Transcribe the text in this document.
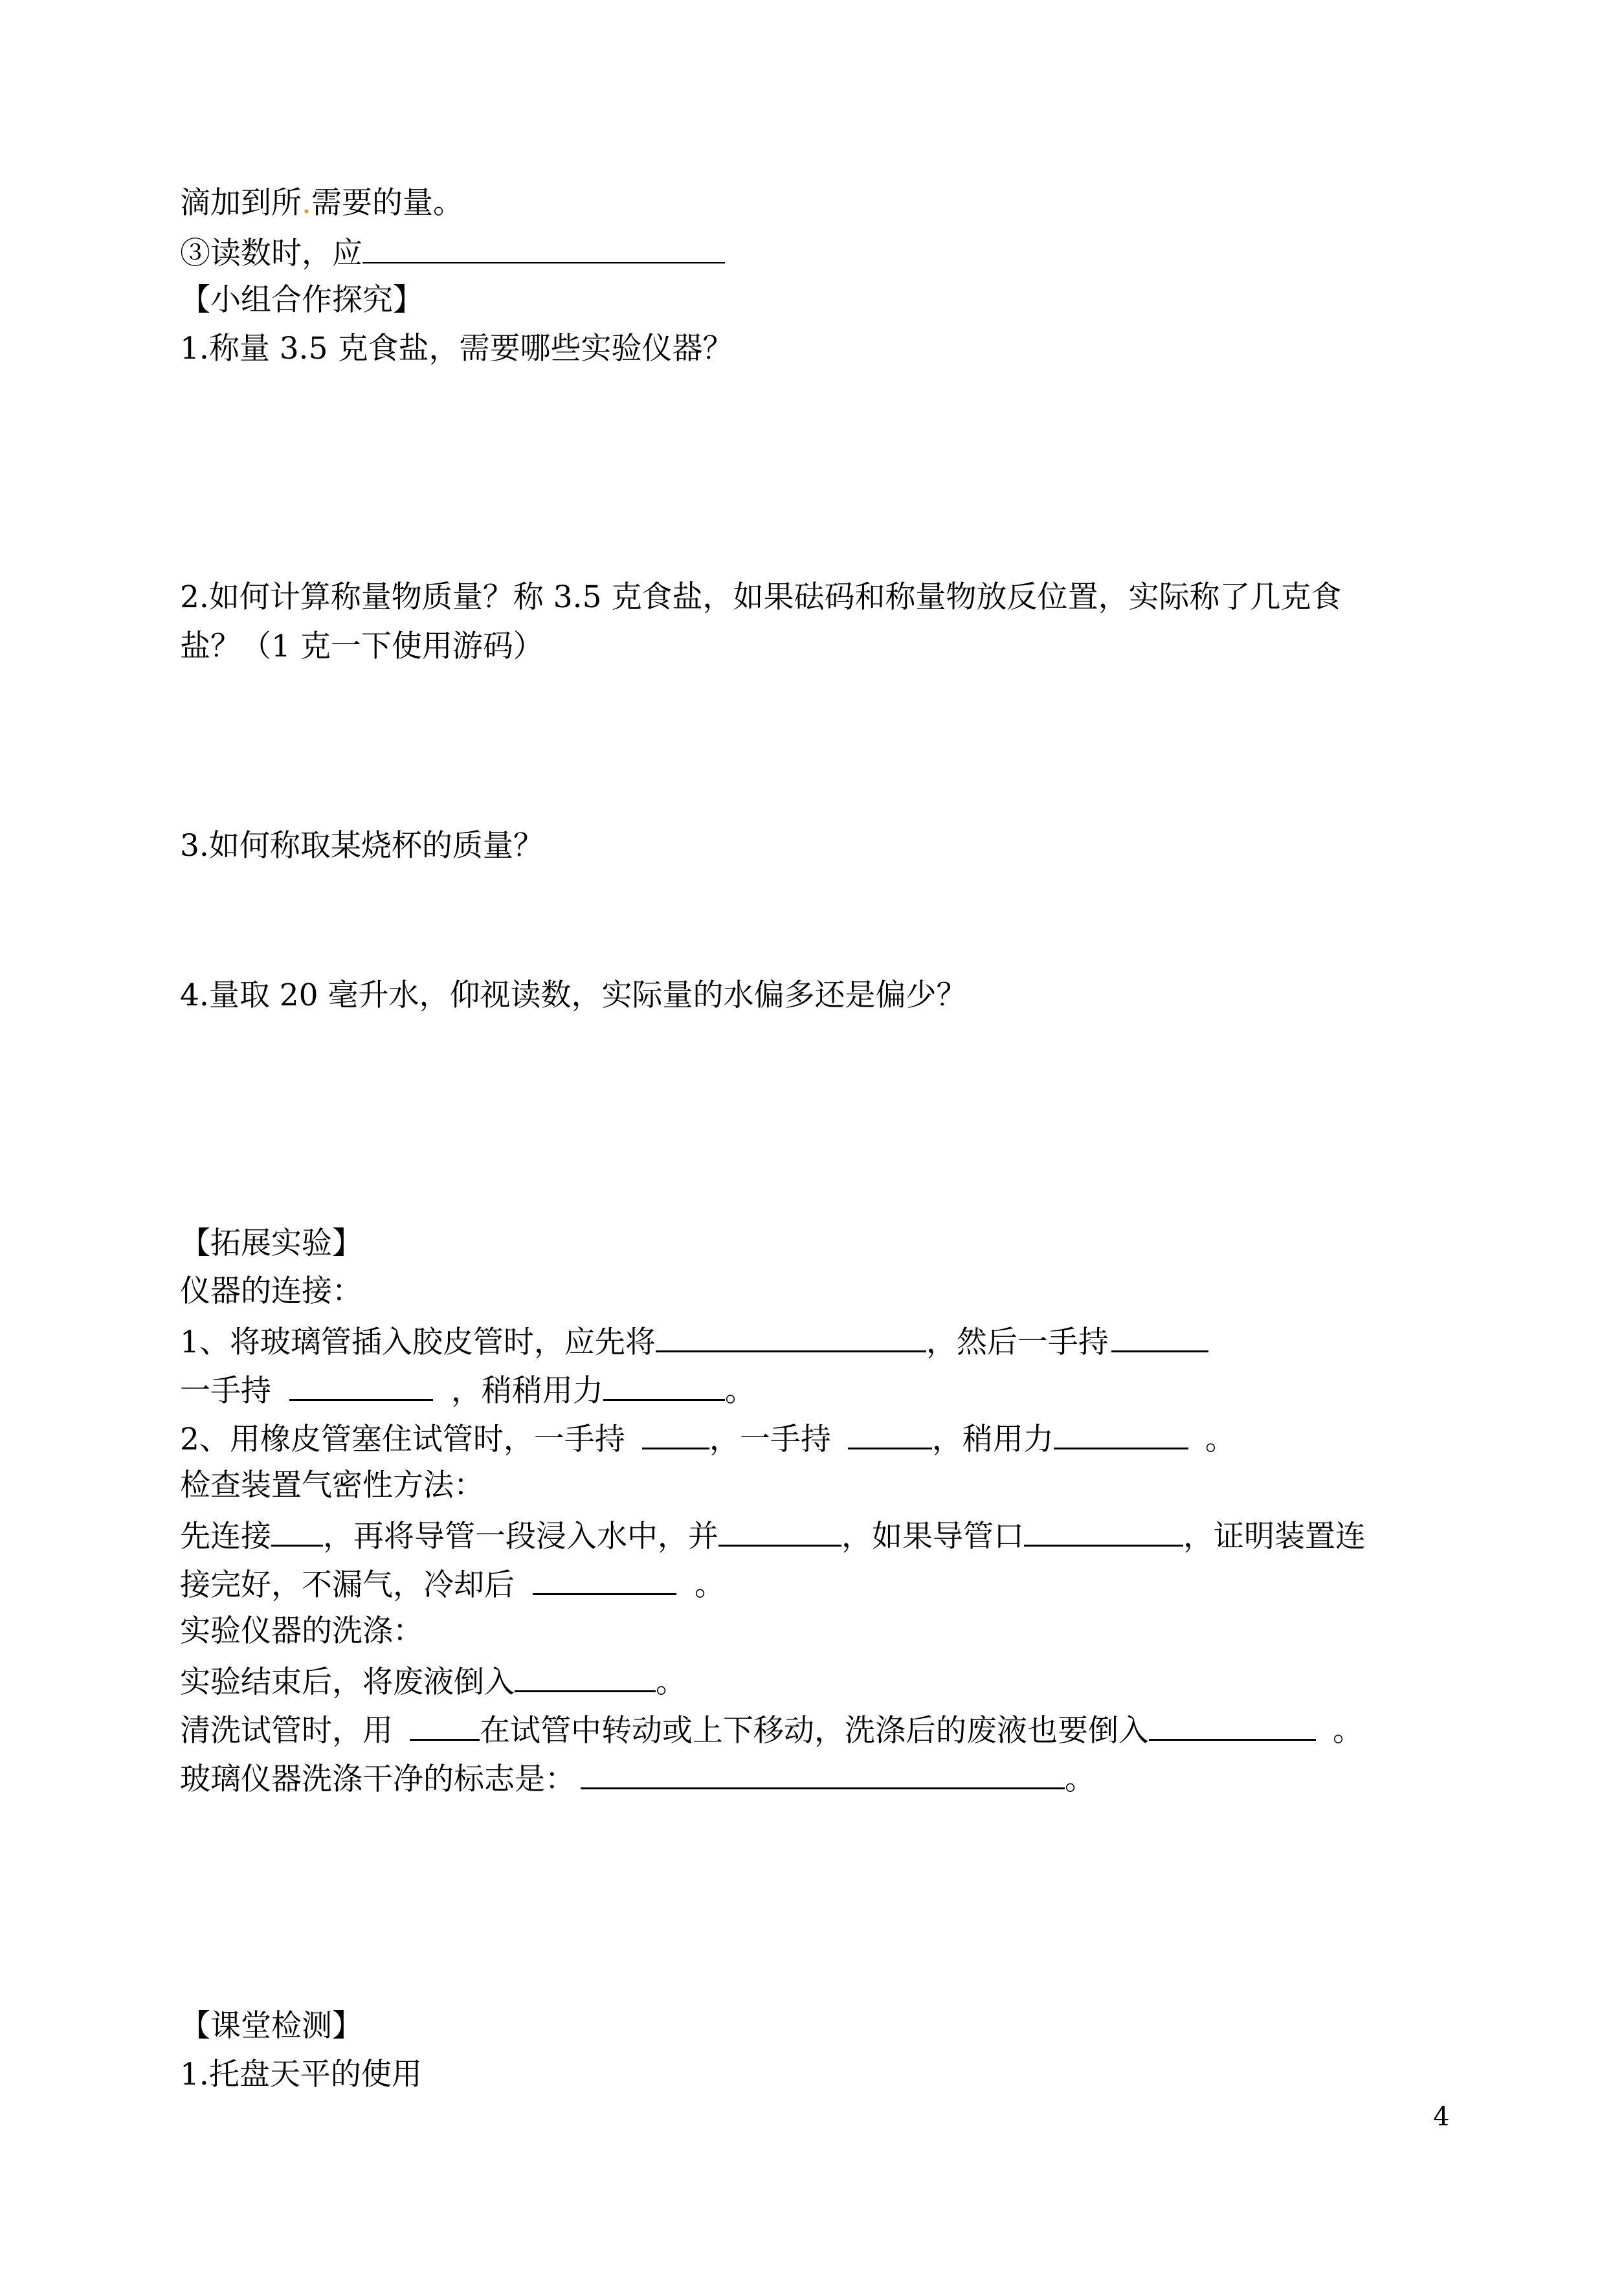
滴加到所.需要的量。
③读数时，应
【小组合作探究】
1.称量 3.5 克食盐，需要哪些实验仪器？
2.如何计算称量物质量？称 3.5 克食盐，如果砝码和称量物放反位置，实际称了几克食
盐？（1 克一下使用游码）
3.如何称取某烧杯的质量？
4.量取 20 毫升水，仰视读数，实际量的水偏多还是偏少？
【拓展实验】
仪器的连接：
1、将玻璃管插入胶皮管时，应先将	，然后一手持
一手持	，稍稍用力	。
2、用橡皮管塞住试管时，一手持	，一手持	，稍用力	。
检查装置气密性方法：
先连接 ，再将导管一段浸入水中，并	，如果导管口	，证明装置连
接完好，不漏气，冷却后	。
实验仪器的洗涤：
实验结束后，将废液倒入	。
清洗试管时，用	在试管中转动或上下移动，洗涤后的废液也要倒入	。
玻璃仪器洗涤干净的标志是：	。
【课堂检测】
1.托盘天平的使用
4
